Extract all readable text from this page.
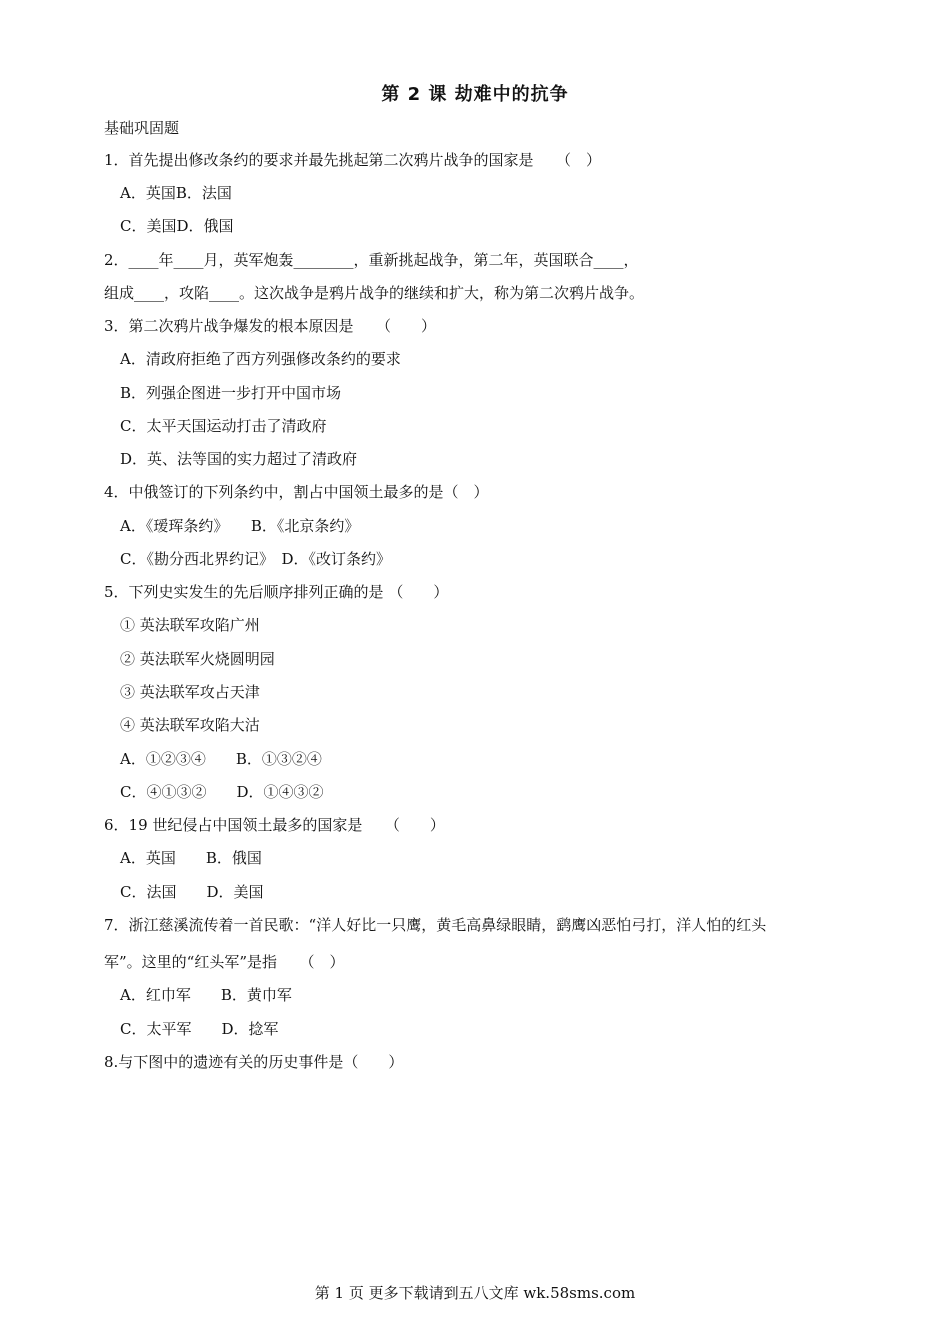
第 2 课 劫难中的抗争
基础巩固题
1．首先提出修改条约的要求并最先挑起第二次鸦片战争的国家是　　（　）
A．英国B．法国
C．美国D．俄国
2．____年____月，英军炮轰________，重新挑起战争，第二年，英国联合____，
组成____，攻陷____。这次战争是鸦片战争的继续和扩大，称为第二次鸦片战争。
3．第二次鸦片战争爆发的根本原因是　　（　　）
A．清政府拒绝了西方列强修改条约的要求
B．列强企图进一步打开中国市场
C．太平天国运动打击了清政府
D．英、法等国的实力超过了清政府
4．中俄签订的下列条约中，割占中国领土最多的是（　）
A．《瑷珲条约》　　B．《北京条约》
C．《勘分西北界约记》　D．《改订条约》
5．下列史实发生的先后顺序排列正确的是 （　　）
① 英法联军攻陷广州
② 英法联军火烧圆明园
③ 英法联军攻占天津
④ 英法联军攻陷大沽
A．①②③④　　B．①③②④
C．④①③②　　D．①④③②
6．19 世纪侵占中国领土最多的国家是　　（　　）
A．英国　　B．俄国
C．法国　　D．美国
7．浙江慈溪流传着一首民歌：“洋人好比一只鹰，黄毛高鼻绿眼睛，鹞鹰凶恶怕弓打，洋人怕的红头
军”。这里的“红头军”是指　　（　）
A．红巾军　　B．黄巾军
C．太平军　　D．捻军
8.与下图中的遗迹有关的历史事件是（　　）
第 1 页 更多下载请到五八文库 wk.58sms.com
